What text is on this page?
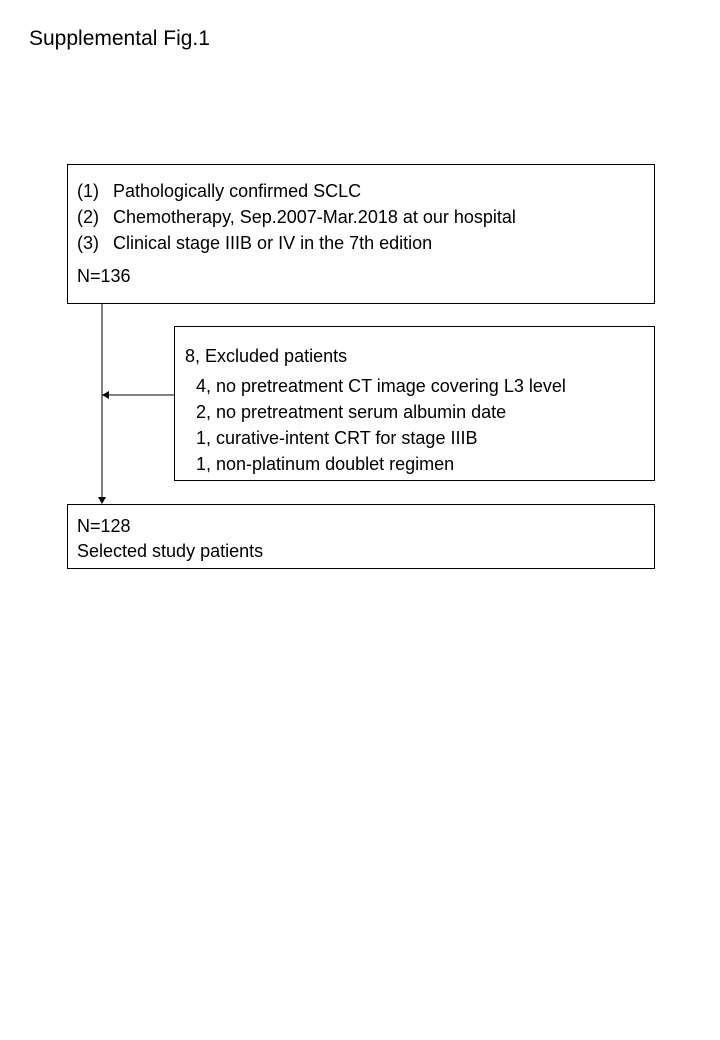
Supplemental Fig.1
(1) Pathologically confirmed SCLC
(2) Chemotherapy, Sep.2007-Mar.2018 at our hospital
(3) Clinical stage IIIB or IV in the 7th edition
N=136
8, Excluded patients
4, no pretreatment CT image covering L3 level
2, no pretreatment serum albumin date
1, curative-intent CRT for stage IIIB
1, non-platinum doublet regimen
N=128
Selected study patients
